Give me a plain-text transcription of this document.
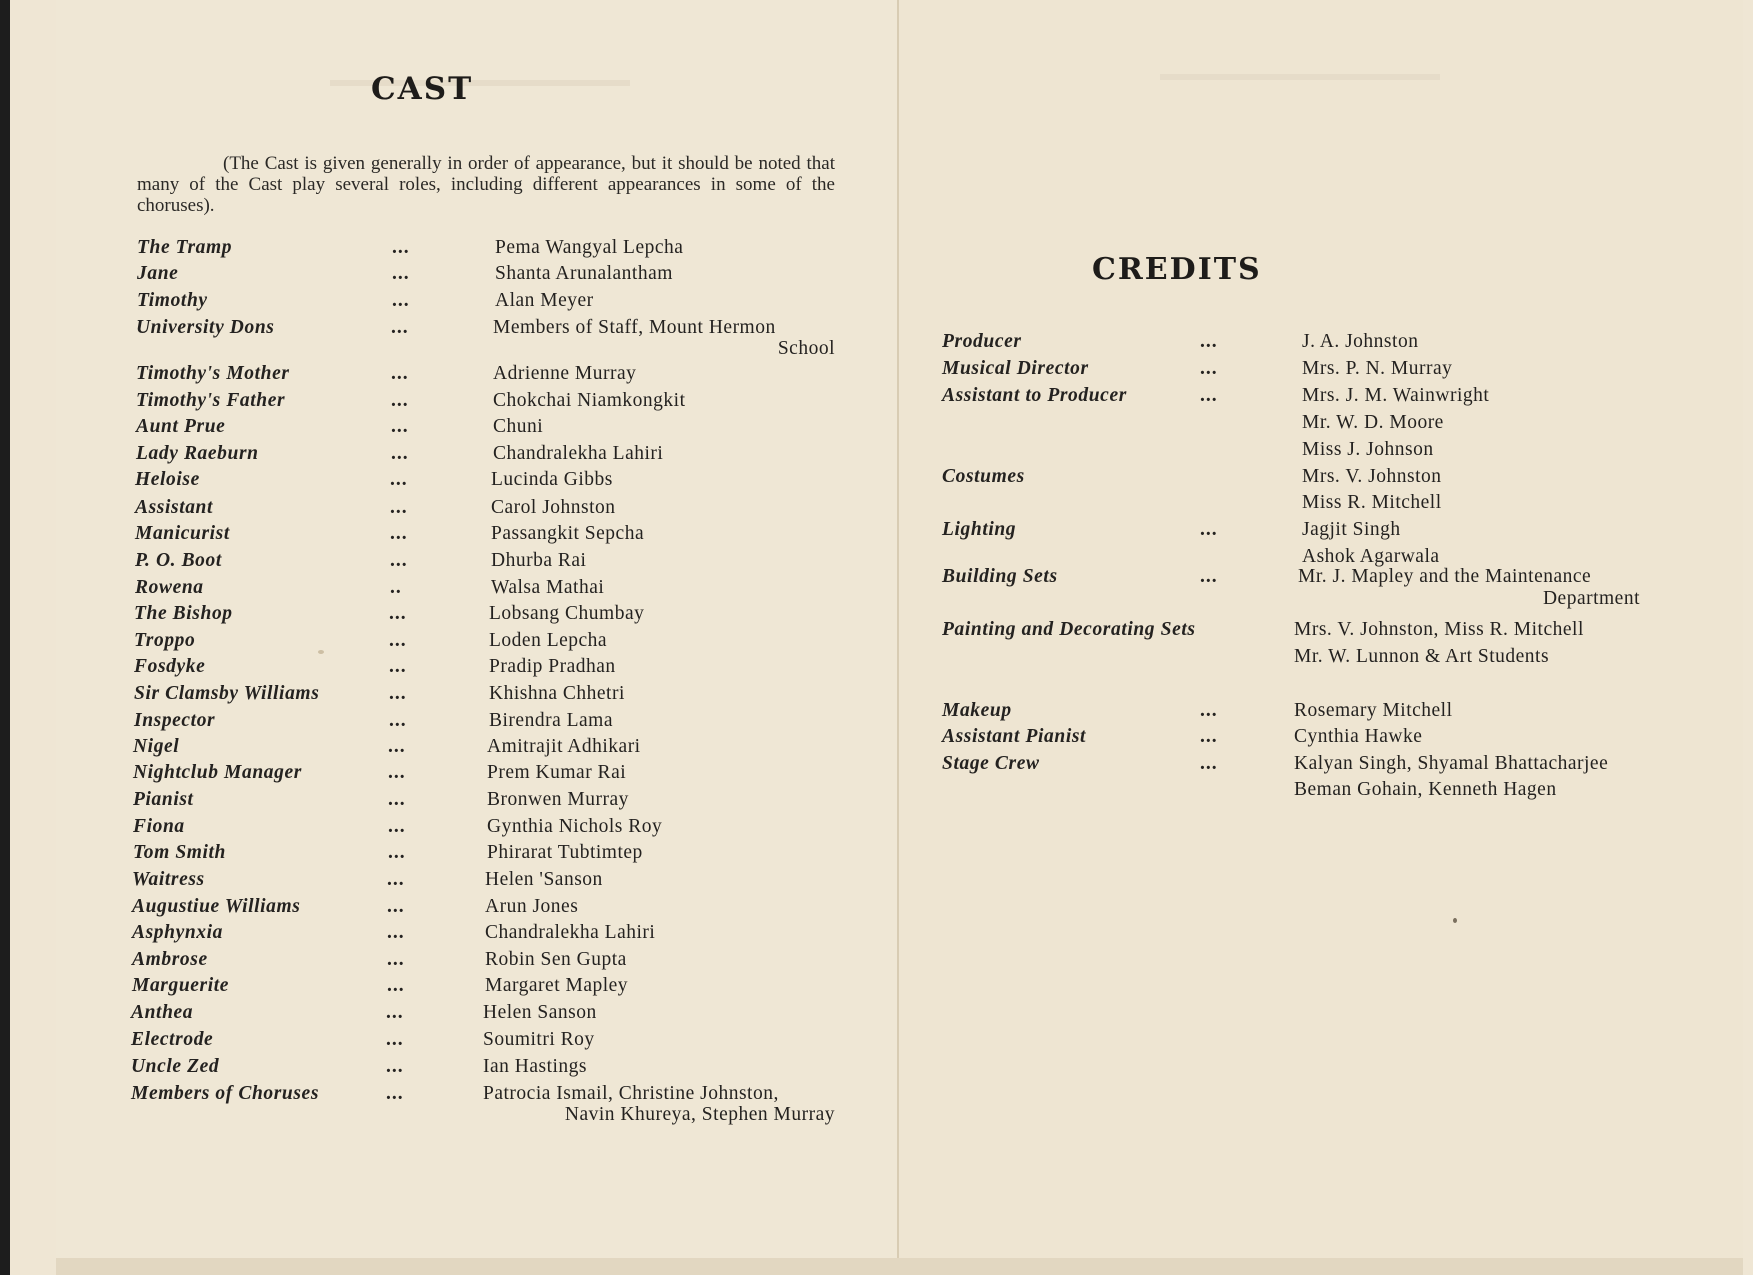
CAST

(The Cast is given generally in order of appearance, but it should be noted that many of the Cast play several roles, including different appearances in some of the choruses).

The Tramp	...	Pema Wangyal Lepcha
Jane	...	Shanta Arunalantham
Timothy	...	Alan Meyer
University Dons	...	Members of Staff, Mount Hermon
School
Timothy's Mother	...	Adrienne Murray
Timothy's Father	...	Chokchai Niamkongkit
Aunt Prue	...	Chuni
Lady Raeburn	...	Chandralekha Lahiri
Heloise	...	Lucinda Gibbs
Assistant	...	Carol Johnston
Manicurist	...	Passangkit Sepcha
P. O. Boot	...	Dhurba Rai
Rowena	..	Walsa Mathai
The Bishop	...	Lobsang Chumbay
Troppo	...	Loden Lepcha
Fosdyke	...	Pradip Pradhan
Sir Clamsby Williams	...	Khishna Chhetri
Inspector	...	Birendra Lama
Nigel	...	Amitrajit Adhikari
Nightclub Manager	...	Prem Kumar Rai
Pianist	...	Bronwen Murray
Fiona	...	Gynthia Nichols Roy
Tom Smith	...	Phirarat Tubtimtep
Waitress	...	Helen 'Sanson
Augustiue Williams	...	Arun Jones
Asphynxia	...	Chandralekha Lahiri
Ambrose	...	Robin Sen Gupta
Marguerite	...	Margaret Mapley
Anthea	...	Helen Sanson
Electrode	...	Soumitri Roy
Uncle Zed	...	Ian Hastings
Members of Choruses	...	Patrocia Ismail, Christine Johnston,
Navin Khureya, Stephen Murray
CREDITS
Producer	...	J. A. Johnston
Musical Director	...	Mrs. P. N. Murray
Assistant to Producer	...	Mrs. J. M. Wainwright
Mr. W. D. Moore
Miss J. Johnson
Costumes	Mrs. V. Johnston
Miss R. Mitchell
Lighting	...	Jagjit Singh
Ashok Agarwala
Building Sets	...	Mr. J. Mapley and the Maintenance
Department
Painting and Decorating Sets	Mrs. V. Johnston, Miss R. Mitchell
Mr. W. Lunnon & Art Students
Makeup	...	Rosemary Mitchell
Assistant Pianist	...	Cynthia Hawke
Stage Crew	...	Kalyan Singh, Shyamal Bhattacharjee
Beman Gohain, Kenneth Hagen
